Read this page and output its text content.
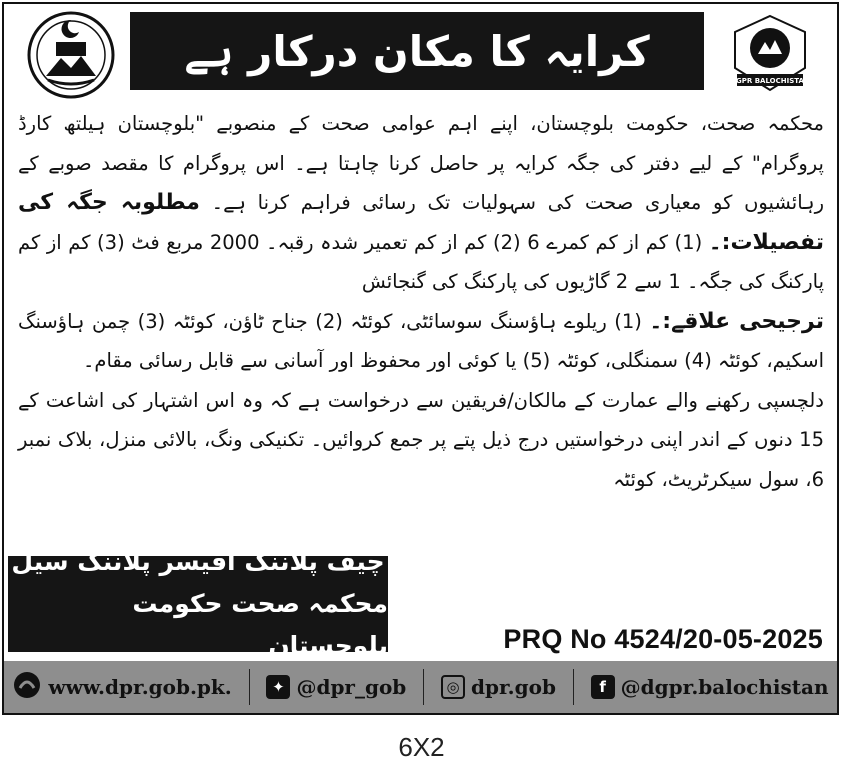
کرایہ کا مکان درکار ہے
DGPR BALOCHISTAN

محکمہ صحت، حکومت بلوچستان، اپنے اہم عوامی صحت کے منصوبے "بلوچستان ہیلتھ کارڈ پروگرام" کے لیے دفتر کی جگہ کرایہ پر حاصل کرنا چاہتا ہے۔ اس پروگرام کا مقصد صوبے کے رہائشیوں کو معیاری صحت کی سہولیات تک رسائی فراہم کرنا ہے۔ مطلوبہ جگہ کی تفصیلات:۔ (1) کم از کم کمرے 6 (2) کم از کم تعمیر شدہ رقبہ۔ 2000 مربع فٹ (3) کم از کم پارکنگ کی جگہ۔ 1 سے 2 گاڑیوں کی پارکنگ کی گنجائش

ترجیحی علاقے:۔ (1) ریلوے ہاؤسنگ سوسائٹی، کوئٹہ (2) جناح ٹاؤن، کوئٹہ (3) چمن ہاؤسنگ اسکیم، کوئٹہ (4) سمنگلی، کوئٹہ (5) یا کوئی اور محفوظ اور آسانی سے قابل رسائی مقام۔

دلچسپی رکھنے والے عمارت کے مالکان/فریقین سے درخواست ہے کہ وہ اس اشتہار کی اشاعت کے 15 دنوں کے اندر اپنی درخواستیں درج ذیل پتے پر جمع کروائیں۔ تکنیکی ونگ، بالائی منزل، بلاک نمبر 6، سول سیکرٹریٹ، کوئٹہ

چیف پلاننگ آفیسر پلاننگ سیل
محکمہ صحت حکومت بلوچستان	PRQ No 4524/20-05-2025
www.dpr.gob.pk.	✦ @dpr_gob	◎ dpr.gob	f @dgpr.balochistan
6X2
